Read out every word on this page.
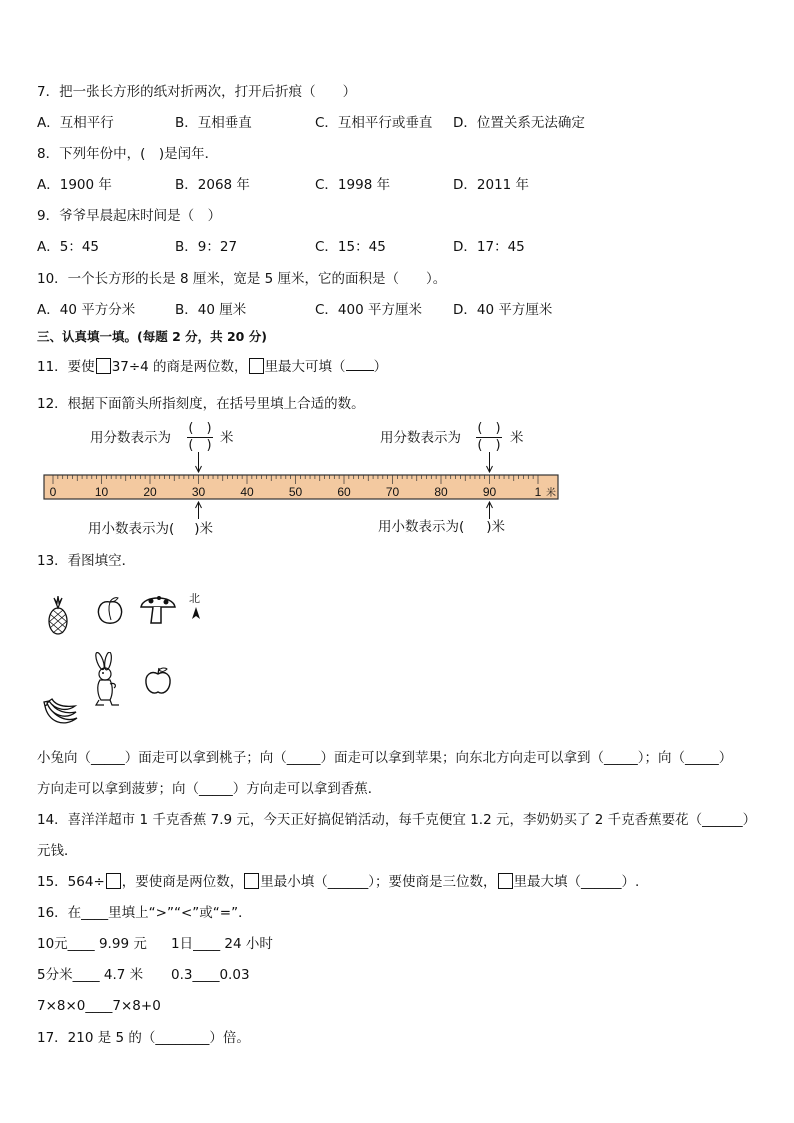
7．把一张长方形的纸对折两次，打开后折痕（　　）
A．互相平行	B．互相垂直	C．互相平行或垂直 D．位置关系无法确定
8．下列年份中，(　)是闰年．
A．1900 年	B．2068 年	C．1998 年	D．2011 年
9．爷爷早晨起床时间是（　）
A．5：45	B．9：27	C．15：45	D．17：45
10．一个长方形的长是 8 厘米，宽是 5 厘米，它的面积是（　　）。
A．40 平方分米	B．40 厘米	C．400 平方厘米 D．40 平方厘米
三、认真填一填。(每题 2 分，共 20 分)
11．要使 37÷4 的商是两位数， 里最大可填（ ）
12．根据下面箭头所指刻度，在括号里填上合适的数。
用分数表示为
(　)
(　) 米	用分数表示为
(　)
(　) 米
0	10	20	30	40	50	60	70	80	90	1 米
用小数表示为( )米	用小数表示为( )米
13．看图填空．
北
小兔向（_____）面走可以拿到桃子；向（_____）面走可以拿到苹果；向东北方向走可以拿到（_____）；向（_____）
方向走可以拿到菠萝；向（_____）方向走可以拿到香蕉．
14．喜洋洋超市 1 千克香蕉 7.9 元，今天正好搞促销活动，每千克便宜 1.2 元，李奶奶买了 2 千克香蕉要花（______）
元钱．
15．564÷ ，要使商是两位数， 里最小填（______）；要使商是三位数， 里最大填（______）.
16．在____里填上“>”“<”或“=”．
10元____ 9.99 元 1日____ 24 小时
5分米____ 4.7 米 0.3____0.03
7×8×0____7×8+0
17．210 是 5 的（________）倍。
